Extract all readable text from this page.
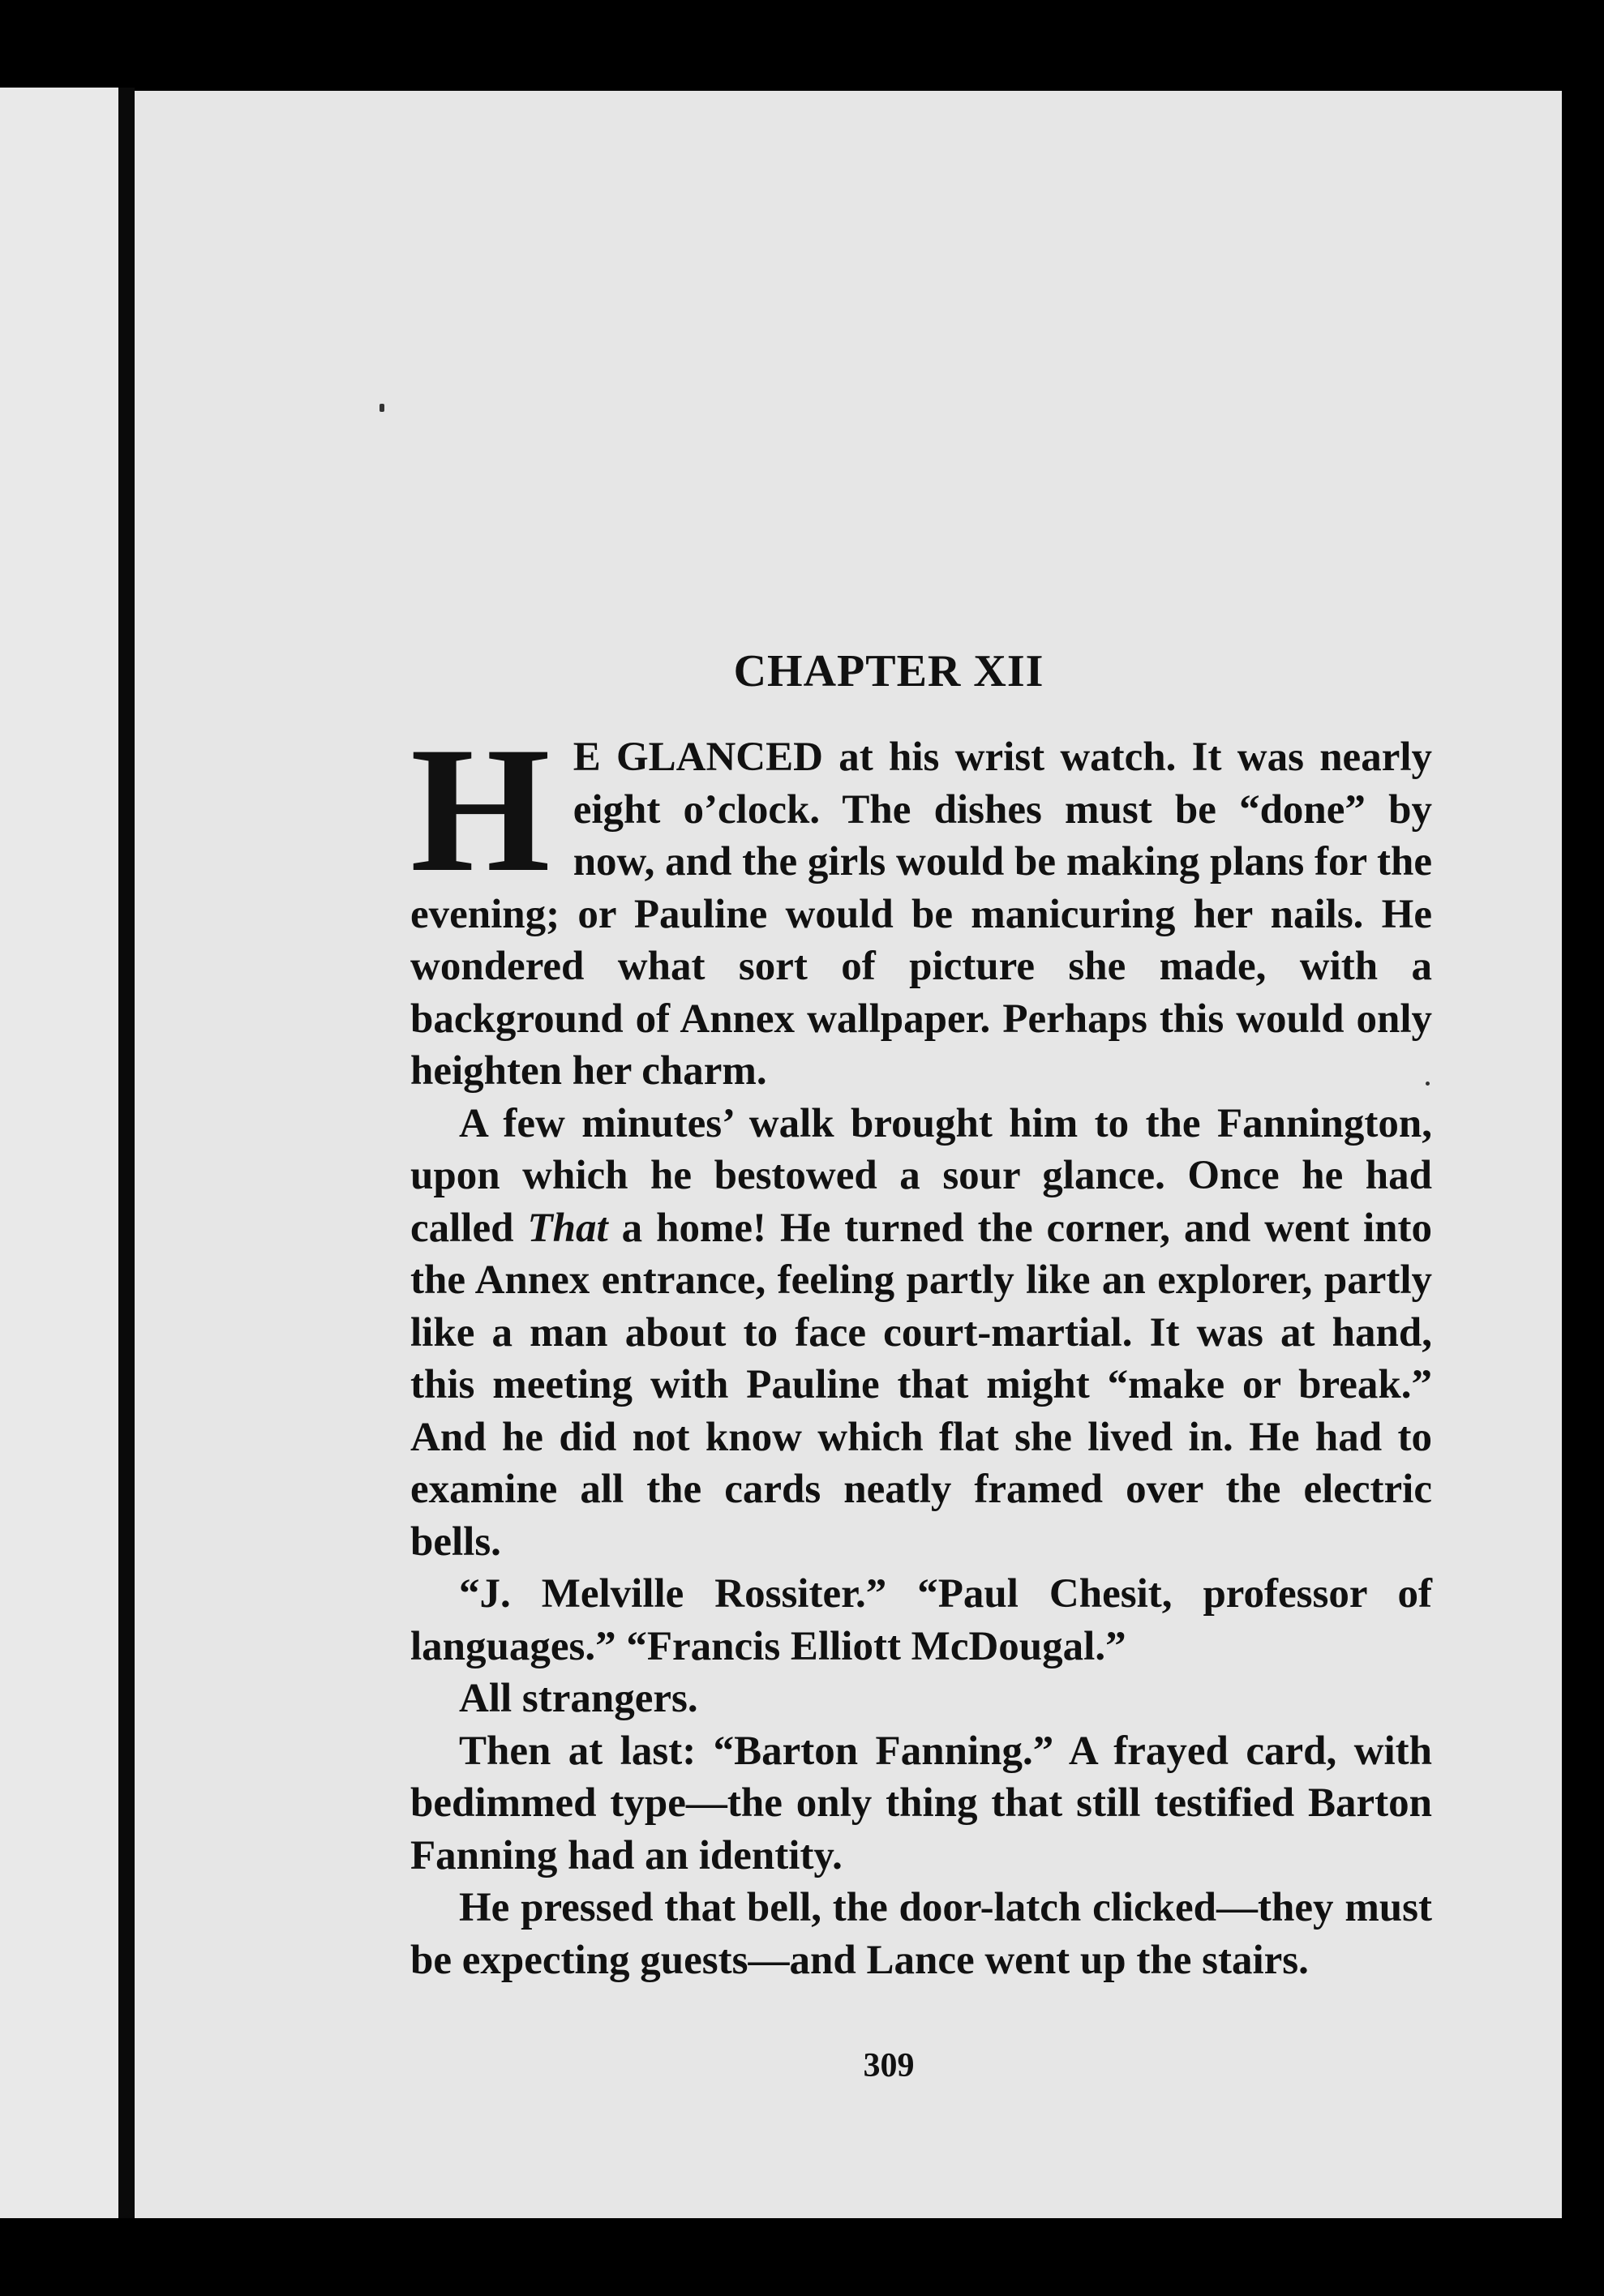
CHAPTER XII

H E GLANCED at his wrist watch. It was nearly eight o’clock. The dishes must be “done” by now, and the girls would be making plans for the evening; or Pauline would be manicuring her nails. He wondered what sort of picture she made, with a background of Annex wallpaper. Perhaps this would only heighten her charm.

A few minutes’ walk brought him to the Fannington, upon which he bestowed a sour glance. Once he had called That a home! He turned the corner, and went into the Annex entrance, feeling partly like an explorer, partly like a man about to face court-martial. It was at hand, this meeting with Pauline that might “make or break.” And he did not know which flat she lived in. He had to examine all the cards neatly framed over the electric bells.

“J. Melville Rossiter.” “Paul Chesit, professor of languages.” “Francis Elliott McDougal.”

All strangers.

Then at last: “Barton Fanning.” A frayed card, with bedimmed type—the only thing that still testified Barton Fanning had an identity.

He pressed that bell, the door-latch clicked—they must be expecting guests—and Lance went up the stairs.

309
